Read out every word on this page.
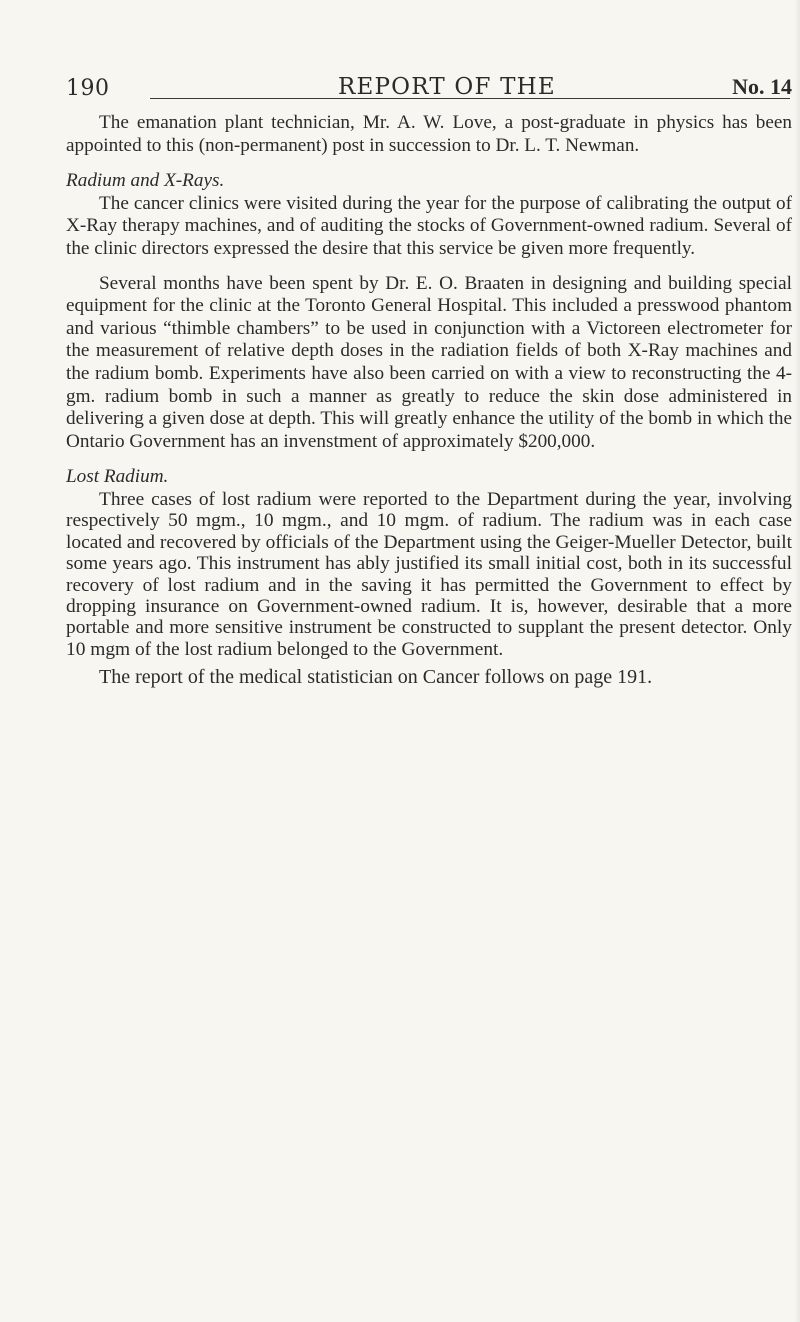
190	REPORT OF THE	No. 14

The emanation plant technician, Mr. A. W. Love, a post-graduate in physics has been appointed to this (non-permanent) post in succession to Dr. L. T. Newman.

Radium and X-Rays.

The cancer clinics were visited during the year for the purpose of calibrating the output of X-Ray therapy machines, and of auditing the stocks of Government-owned radium. Several of the clinic directors expressed the desire that this service be given more frequently.

Several months have been spent by Dr. E. O. Braaten in designing and building special equipment for the clinic at the Toronto General Hospital. This included a presswood phantom and various “thimble chambers” to be used in conjunction with a Victoreen electrometer for the measurement of relative depth doses in the radiation fields of both X-Ray machines and the radium bomb. Experiments have also been carried on with a view to reconstructing the 4-gm. radium bomb in such a manner as greatly to reduce the skin dose administered in delivering a given dose at depth. This will greatly enhance the utility of the bomb in which the Ontario Government has an invenstment of approximately $200,000.

Lost Radium.

Three cases of lost radium were reported to the Department during the year, involving respectively 50 mgm., 10 mgm., and 10 mgm. of radium. The radium was in each case located and recovered by officials of the Department using the Geiger-Mueller Detector, built some years ago. This instrument has ably justified its small initial cost, both in its successful recovery of lost radium and in the saving it has permitted the Government to effect by dropping insurance on Government-owned radium. It is, however, desirable that a more portable and more sensitive instrument be constructed to supplant the present detector. Only 10 mgm of the lost radium belonged to the Government.

The report of the medical statistician on Cancer follows on page 191.
